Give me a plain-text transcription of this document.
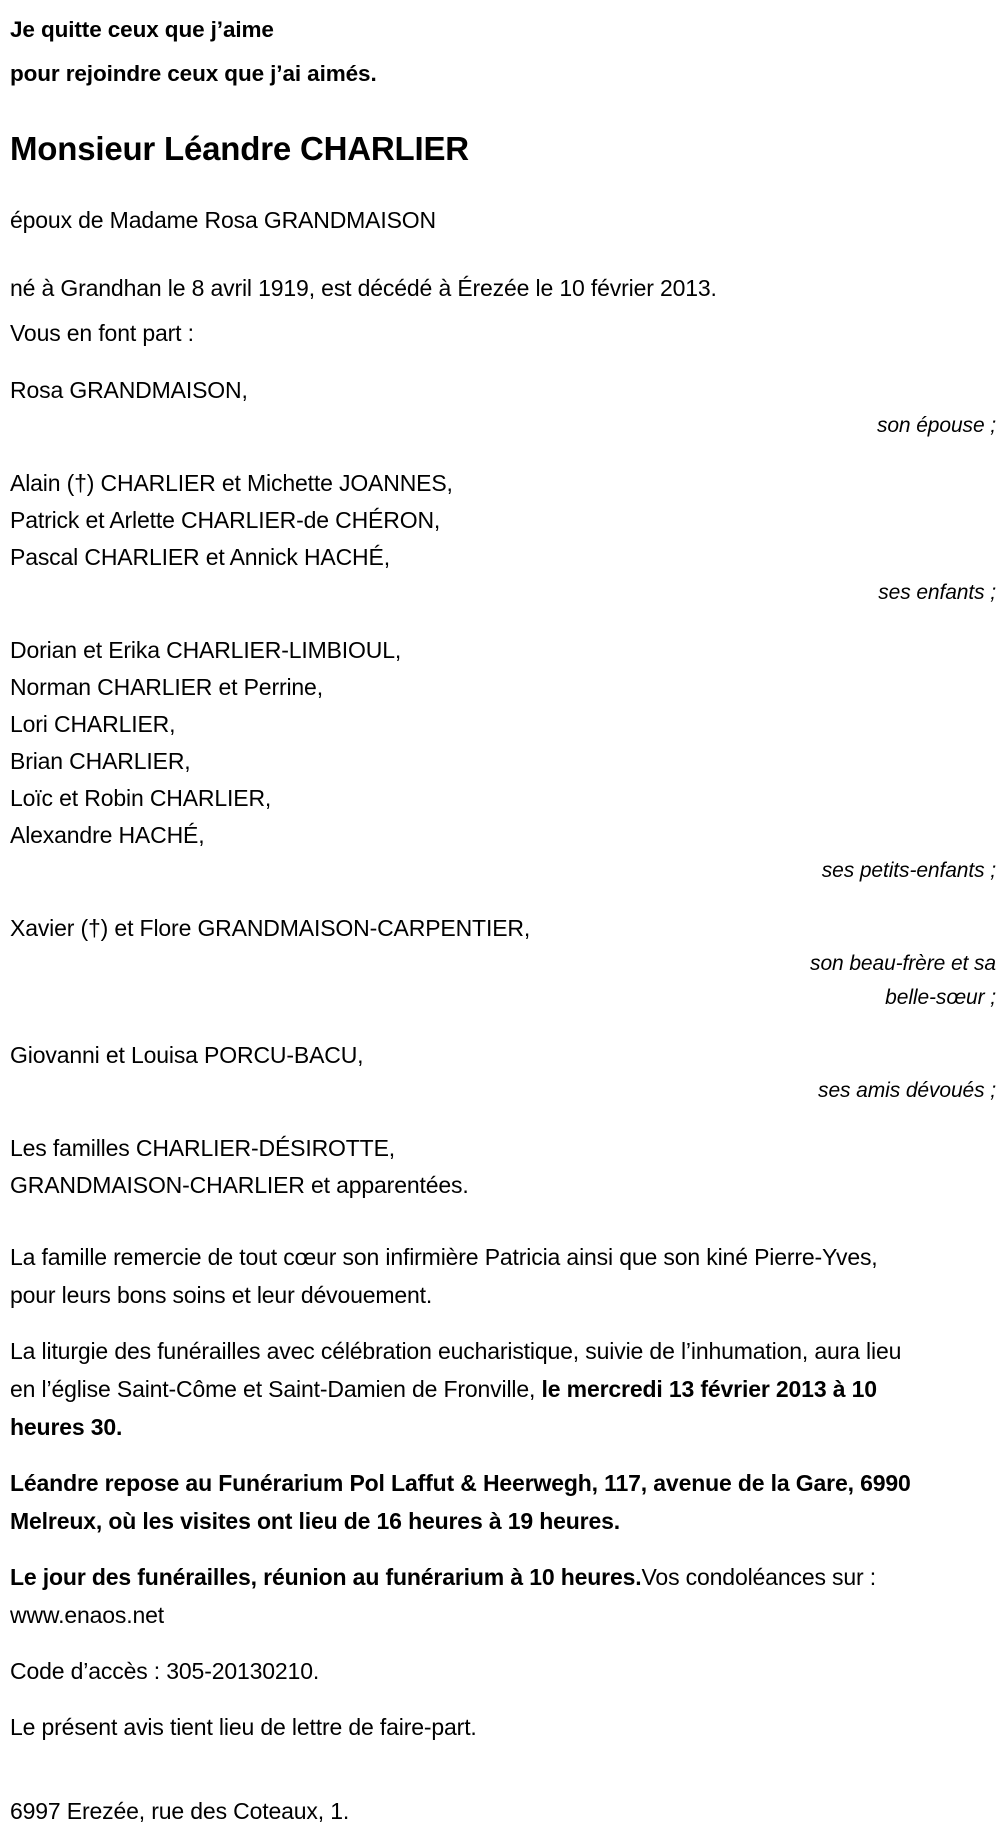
Je quitte ceux que j’aime
pour rejoindre ceux que j’ai aimés.
Monsieur Léandre CHARLIER
époux de Madame Rosa GRANDMAISON
né à Grandhan le 8 avril 1919, est décédé à Érezée le 10 février 2013.
Vous en font part :
Rosa GRANDMAISON,
son épouse ;
Alain (†) CHARLIER et Michette JOANNES,
Patrick et Arlette CHARLIER-de CHÉRON,
Pascal CHARLIER et Annick HACHÉ,
ses enfants ;
Dorian et Erika CHARLIER-LIMBIOUL,
Norman CHARLIER et Perrine,
Lori CHARLIER,
Brian CHARLIER,
Loïc et Robin CHARLIER,
Alexandre HACHÉ,
ses petits-enfants ;
Xavier (†) et Flore GRANDMAISON-CARPENTIER,
son beau-frère et sa
belle-sœur ;
Giovanni et Louisa PORCU-BACU,
ses amis dévoués ;
Les familles CHARLIER-DÉSIROTTE,
GRANDMAISON-CHARLIER et apparentées.
La famille remercie de tout cœur son infirmière Patricia ainsi que son kiné Pierre-Yves, pour leurs bons soins et leur dévouement.
La liturgie des funérailles avec célébration eucharistique, suivie de l’inhumation, aura lieu en l’église Saint-Côme et Saint-Damien de Fronville, le mercredi 13 février 2013 à 10 heures 30.
Léandre repose au Funérarium Pol Laffut & Heerwegh, 117, avenue de la Gare, 6990 Melreux, où les visites ont lieu de 16 heures à 19 heures.
Le jour des funérailles, réunion au funérarium à 10 heures.Vos condoléances sur : www.enaos.net
Code d’accès : 305-20130210.
Le présent avis tient lieu de lettre de faire-part.
6997 Erezée, rue des Coteaux, 1.
